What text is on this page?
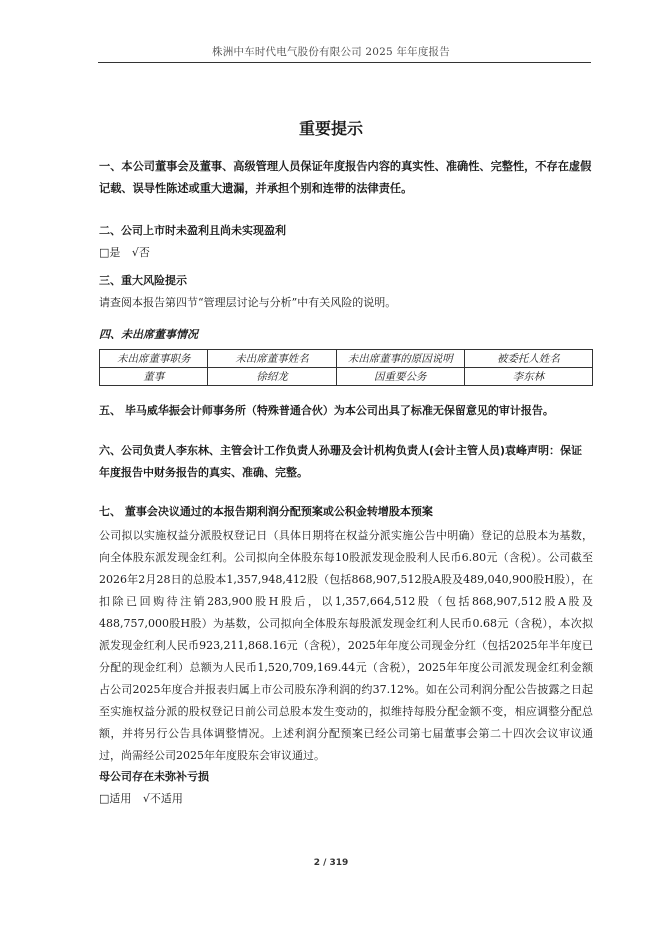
株洲中车时代电气股份有限公司 2025 年年度报告
重要提示
一、本公司董事会及董事、高级管理人员保证年度报告内容的真实性、准确性、完整性，不存在虚假记载、误导性陈述或重大遗漏，并承担个别和连带的法律责任。
二、公司上市时未盈利且尚未实现盈利
□是 √否
三、重大风险提示
请查阅本报告第四节“管理层讨论与分析”中有关风险的说明。
四、未出席董事情况
未出席董事职务	未出席董事姓名	未出席董事的原因说明	被委托人姓名
董事	徐绍龙	因重要公务	李东林
五、 毕马威华振会计师事务所（特殊普通合伙）为本公司出具了标准无保留意见的审计报告。
六、公司负责人李东林、主管会计工作负责人孙珊及会计机构负责人(会计主管人员)袁峰声明：保证年度报告中财务报告的真实、准确、完整。
七、 董事会决议通过的本报告期利润分配预案或公积金转增股本预案
公司拟以实施权益分派股权登记日（具体日期将在权益分派实施公告中明确）登记的总股本为基数，向全体股东派发现金红利。公司拟向全体股东每10股派发现金股利人民币6.80元（含税）。公司截至2026年2月28日的总股本1,357,948,412股（包括868,907,512股A股及489,040,900股H股），在扣除已回购待注销283,900股H股后，以1,357,664,512股（包括868,907,512股A股及488,757,000股H股）为基数，公司拟向全体股东每股派发现金红利人民币0.68元（含税），本次拟派发现金红利人民币923,211,868.16元（含税），2025年年度公司现金分红（包括2025年半年度已分配的现金红利）总额为人民币1,520,709,169.44元（含税），2025年年度公司派发现金红利金额占公司2025年度合并报表归属上市公司股东净利润的约37.12%。如在公司利润分配公告披露之日起至实施权益分派的股权登记日前公司总股本发生变动的，拟维持每股分配金额不变，相应调整分配总额，并将另行公告具体调整情况。上述利润分配预案已经公司第七届董事会第二十四次会议审议通过，尚需经公司2025年年度股东会审议通过。
母公司存在未弥补亏损
□适用 √不适用
2 / 319
